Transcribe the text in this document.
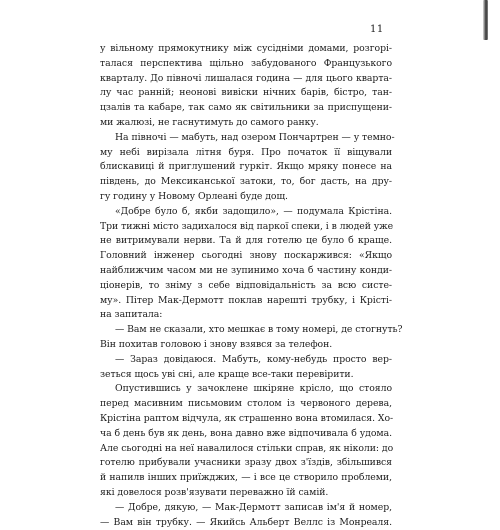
11
у вільному прямокутнику між сусідніми домами, розгорі-
талася перспектива щільно забудованого Французького
кварталу. До півночі лишалася година — для цього кварта-
лу час ранній; неонові вивіски нічних барів, бістро, тан-
цзалів та кабаре, так само як світильники за приспущени-
ми жалюзі, не гаснутимуть до самого ранку.
На півночі — мабуть, над озером Пончартрен — у темно-
му небі вирізала літня буря. Про початок її віщували
блискавиці й приглушений гуркіт. Якщо мряку понесе на
південь, до Мексиканської затоки, то, бог дасть, на дру-
гу годину у Новому Орлеані буде дощ.
«Добре було б, якби задощило», — подумала Крістіна.
Три тижні місто задихалося від паркої спеки, і в людей уже
не витримували нерви. Та й для готелю це було б краще.
Головний інженер сьогодні знову поскаржився: «Якщо
найближчим часом ми не зупинимо хоча б частину конди-
ціонерів, то зніму з себе відповідальність за всю систе-
му». Пітер Мак-Дермотт поклав нарешті трубку, і Крісті-
на запитала:
— Вам не сказали, хто мешкає в тому номері, де стогнуть?
Він похитав головою і знову взявся за телефон.
— Зараз довідаюся. Мабуть, кому-небудь просто вер-
зеться щось уві сні, але краще все-таки перевірити.
Опустившись у зачоклене шкіряне крісло, що стояло
перед масивним письмовим столом із червоного дерева,
Крістіна раптом відчула, як страшенно вона втомилася. Хо-
ча б день був як день, вона давно вже відпочивала б удома.
Але сьогодні на неї навалилося стільки справ, як ніколи: до
готелю прибували учасники зразу двох з'їздів, збільшився
й напилв інших приїжджих, — і все це створило проблеми,
які довелося розв'язувати переважно їй самій.
— Добре, дякую, — Мак-Дермотт записав ім'я й номер,
— Вам він трубку. — Якийсь Альберт Веллс із Монреаля.
